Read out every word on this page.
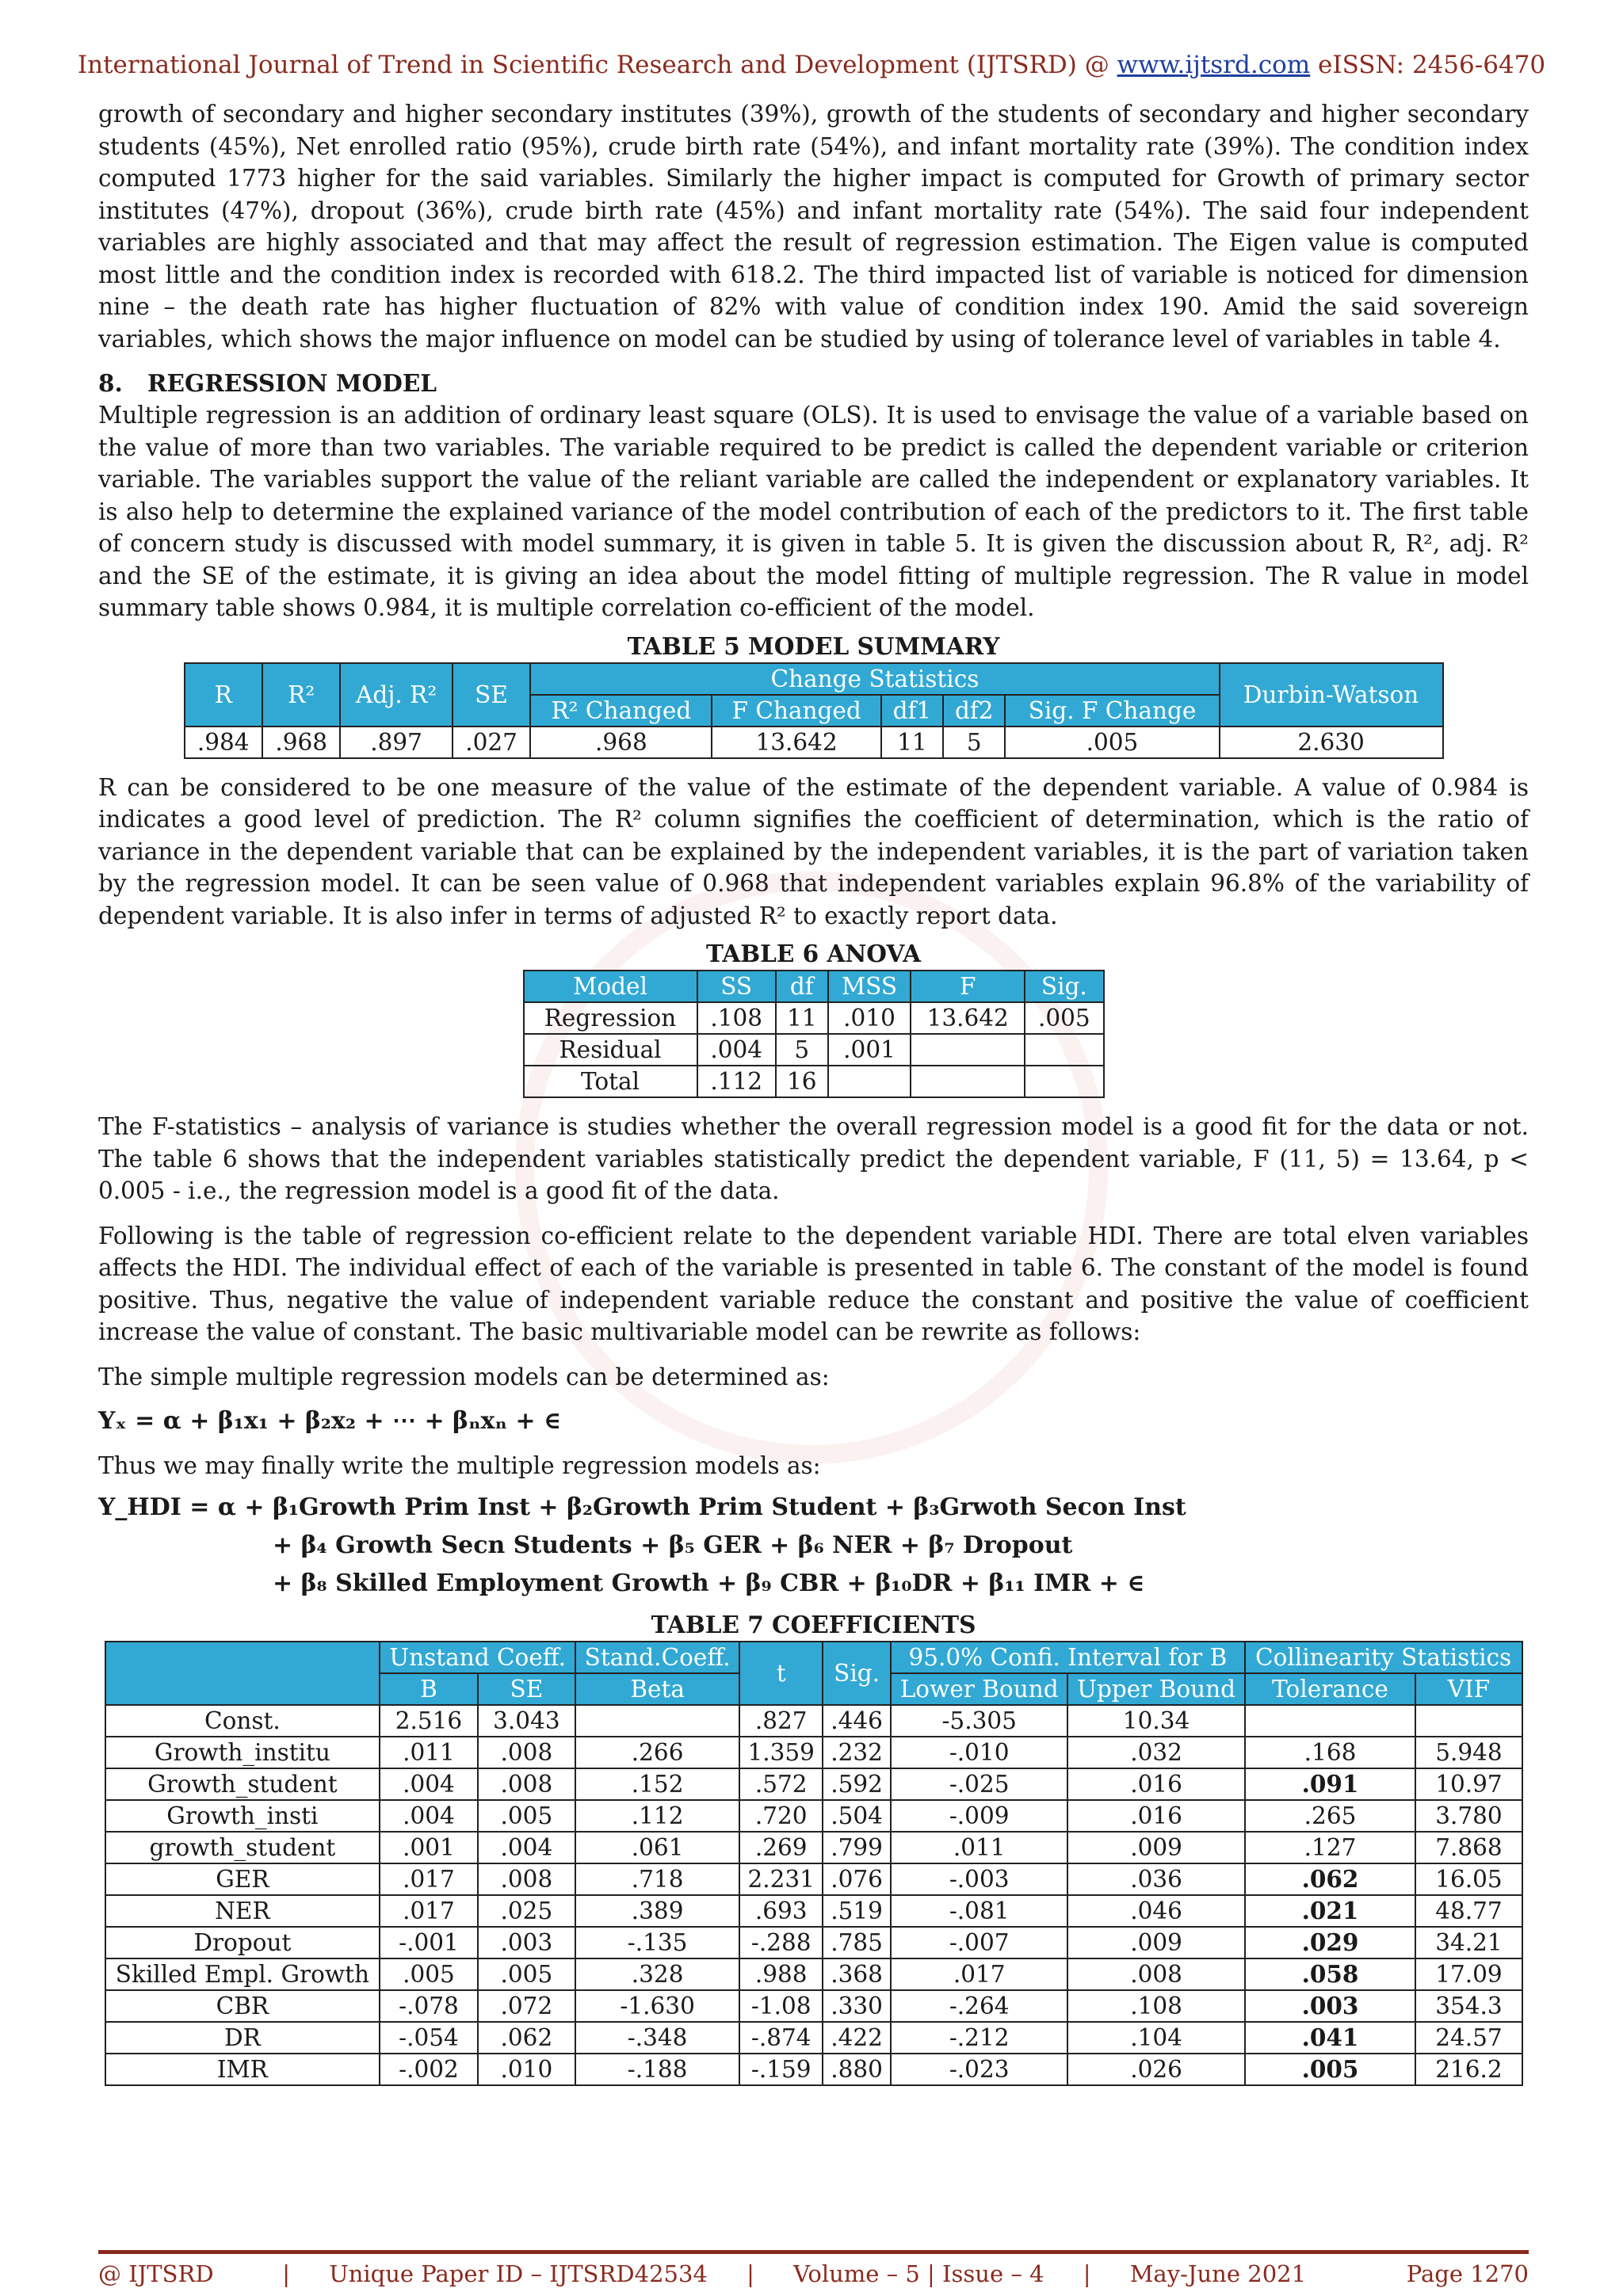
International Journal of Trend in Scientific Research and Development (IJTSRD) @ www.ijtsrd.com eISSN: 2456-6470

growth of secondary and higher secondary institutes (39%), growth of the students of secondary and higher secondary students (45%), Net enrolled ratio (95%), crude birth rate (54%), and infant mortality rate (39%). The condition index computed 1773 higher for the said variables. Similarly the higher impact is computed for Growth of primary sector institutes (47%), dropout (36%), crude birth rate (45%) and infant mortality rate (54%). The said four independent variables are highly associated and that may affect the result of regression estimation. The Eigen value is computed most little and the condition index is recorded with 618.2. The third impacted list of variable is noticed for dimension nine – the death rate has higher fluctuation of 82% with value of condition index 190. Amid the said sovereign variables, which shows the major influence on model can be studied by using of tolerance level of variables in table 4.

8. REGRESSION MODEL

Multiple regression is an addition of ordinary least square (OLS). It is used to envisage the value of a variable based on the value of more than two variables. The variable required to be predict is called the dependent variable or criterion variable. The variables support the value of the reliant variable are called the independent or explanatory variables. It is also help to determine the explained variance of the model contribution of each of the predictors to it. The first table of concern study is discussed with model summary, it is given in table 5. It is given the discussion about R, R², adj. R² and the SE of the estimate, it is giving an idea about the model fitting of multiple regression. The R value in model summary table shows 0.984, it is multiple correlation co-efficient of the model.

TABLE 5 MODEL SUMMARY
R	R²	Adj. R²	SE	Change Statistics					Durbin-Watson
				R² Changed	F Changed	df1	df2	Sig. F Change	
.984	.968	.897	.027	.968	13.642	11	5	.005	2.630

R can be considered to be one measure of the value of the estimate of the dependent variable. A value of 0.984 is indicates a good level of prediction. The R² column signifies the coefficient of determination, which is the ratio of variance in the dependent variable that can be explained by the independent variables, it is the part of variation taken by the regression model. It can be seen value of 0.968 that independent variables explain 96.8% of the variability of dependent variable. It is also infer in terms of adjusted R² to exactly report data.

TABLE 6 ANOVA
Model	SS	df	MSS	F	Sig.
Regression	.108	11	.010	13.642	.005
Residual	.004	5	.001		
Total	.112	16			

The F-statistics – analysis of variance is studies whether the overall regression model is a good fit for the data or not. The table 6 shows that the independent variables statistically predict the dependent variable, F (11, 5) = 13.64, p < 0.005 - i.e., the regression model is a good fit of the data.

Following is the table of regression co-efficient relate to the dependent variable HDI. There are total elven variables affects the HDI. The individual effect of each of the variable is presented in table 6. The constant of the model is found positive. Thus, negative the value of independent variable reduce the constant and positive the value of coefficient increase the value of constant. The basic multivariable model can be rewrite as follows:

The simple multiple regression models can be determined as:

Yₓ = α + β₁x₁ + β₂x₂ + ⋯ + βₙxₙ + ∈

Thus we may finally write the multiple regression models as:

Y_HDI = α + β₁Growth Prim Inst + β₂Growth Prim Student + β₃Grwoth Secon Inst
+ β₄ Growth Secn Students + β₅ GER + β₆ NER + β₇ Dropout
+ β₈ Skilled Employment Growth + β₉ CBR + β₁₀DR + β₁₁ IMR + ∈
TABLE 7 COEFFICIENTS
	Unstand Coeff.		Stand.Coeff.	t	Sig.	95.0% Confi. Interval for B		Collinearity Statistics	
	B	SE	Beta			Lower Bound	Upper Bound	Tolerance	VIF
Const.	2.516	3.043		.827	.446	-5.305	10.34		
Growth_institu	.011	.008	.266	1.359	.232	-.010	.032	.168	5.948
Growth_student	.004	.008	.152	.572	.592	-.025	.016	.091	10.97
Growth_insti	.004	.005	.112	.720	.504	-.009	.016	.265	3.780
growth_student	.001	.004	.061	.269	.799	.011	.009	.127	7.868
GER	.017	.008	.718	2.231	.076	-.003	.036	.062	16.05
NER	.017	.025	.389	.693	.519	-.081	.046	.021	48.77
Dropout	-.001	.003	-.135	-.288	.785	-.007	.009	.029	34.21
Skilled Empl. Growth	.005	.005	.328	.988	.368	.017	.008	.058	17.09
CBR	-.078	.072	-1.630	-1.08	.330	-.264	.108	.003	354.3
DR	-.054	.062	-.348	-.874	.422	-.212	.104	.041	24.57
IMR	-.002	.010	-.188	-.159	.880	-.023	.026	.005	216.2
@ IJTSRD	| Unique Paper ID – IJTSRD42534 | Volume – 5 | Issue – 4 | May-June 2021	Page 1270
